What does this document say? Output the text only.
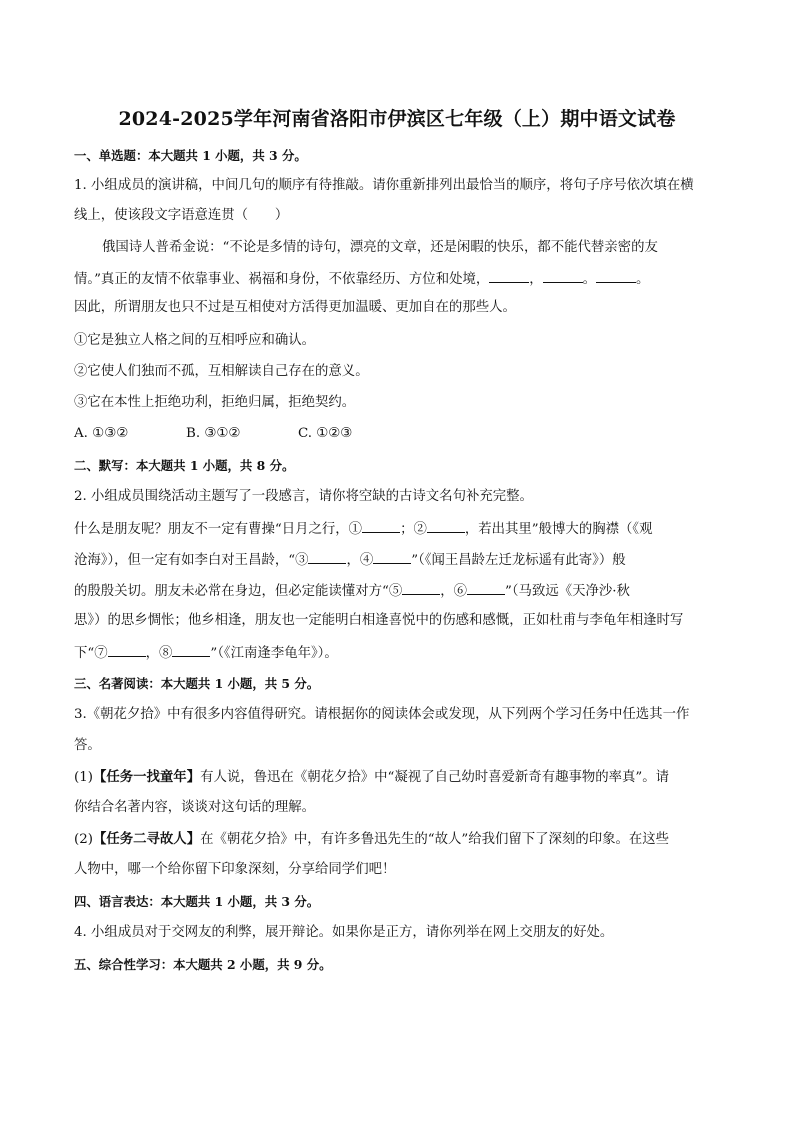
2024-2025学年河南省洛阳市伊滨区七年级（上）期中语文试卷
一、单选题：本大题共 1 小题，共 3 分。
1. 小组成员的演讲稿，中间几句的顺序有待推敲。请你重新排列出最恰当的顺序，将句子序号依次填在横
线上，使该段文字语意连贯（　　）
俄国诗人普希金说：“不论是多情的诗句，漂亮的文章，还是闲暇的快乐，都不能代替亲密的友
情。”真正的友情不依靠事业、祸福和身份，不依靠经历、方位和处境，	，	。	。
因此，所谓朋友也只不过是互相使对方活得更加温暖、更加自在的那些人。
①它是独立人格之间的互相呼应和确认。
②它使人们独而不孤，互相解读自己存在的意义。
③它在本性上拒绝功利，拒绝归属，拒绝契约。
A. ①③②	B. ③①②	C. ①②③
二、默写：本大题共 1 小题，共 8 分。
2. 小组成员围绕活动主题写了一段感言，请你将空缺的古诗文名句补充完整。
什么是朋友呢？朋友不一定有曹操“日月之行，①	；②	，若出其里”般博大的胸襟（《观
沧海》），但一定有如李白对王昌龄，“③	，④	”（《闻王昌龄左迁龙标遥有此寄》）般
的殷殷关切。朋友未必常在身边，但必定能读懂对方“⑤	，⑥	”（马致远《天净沙·秋
思》）的思乡惆怅；他乡相逢，朋友也一定能明白相逢喜悦中的伤感和感慨，正如杜甫与李龟年相逢时写
下“⑦	，⑧	”（《江南逢李龟年》）。
三、名著阅读：本大题共 1 小题，共 5 分。
3.《朝花夕拾》中有很多内容值得研究。请根据你的阅读体会或发现，从下列两个学习任务中任选其一作
答。
(1)【任务一找童年】有人说，鲁迅在《朝花夕拾》中“凝视了自己幼时喜爱新奇有趣事物的率真”。请
你结合名著内容，谈谈对这句话的理解。
(2)【任务二寻故人】在《朝花夕拾》中，有许多鲁迅先生的“故人”给我们留下了深刻的印象。在这些
人物中，哪一个给你留下印象深刻，分享给同学们吧！
四、语言表达：本大题共 1 小题，共 3 分。
4. 小组成员对于交网友的利弊，展开辩论。如果你是正方，请你列举在网上交朋友的好处。
五、综合性学习：本大题共 2 小题，共 9 分。
